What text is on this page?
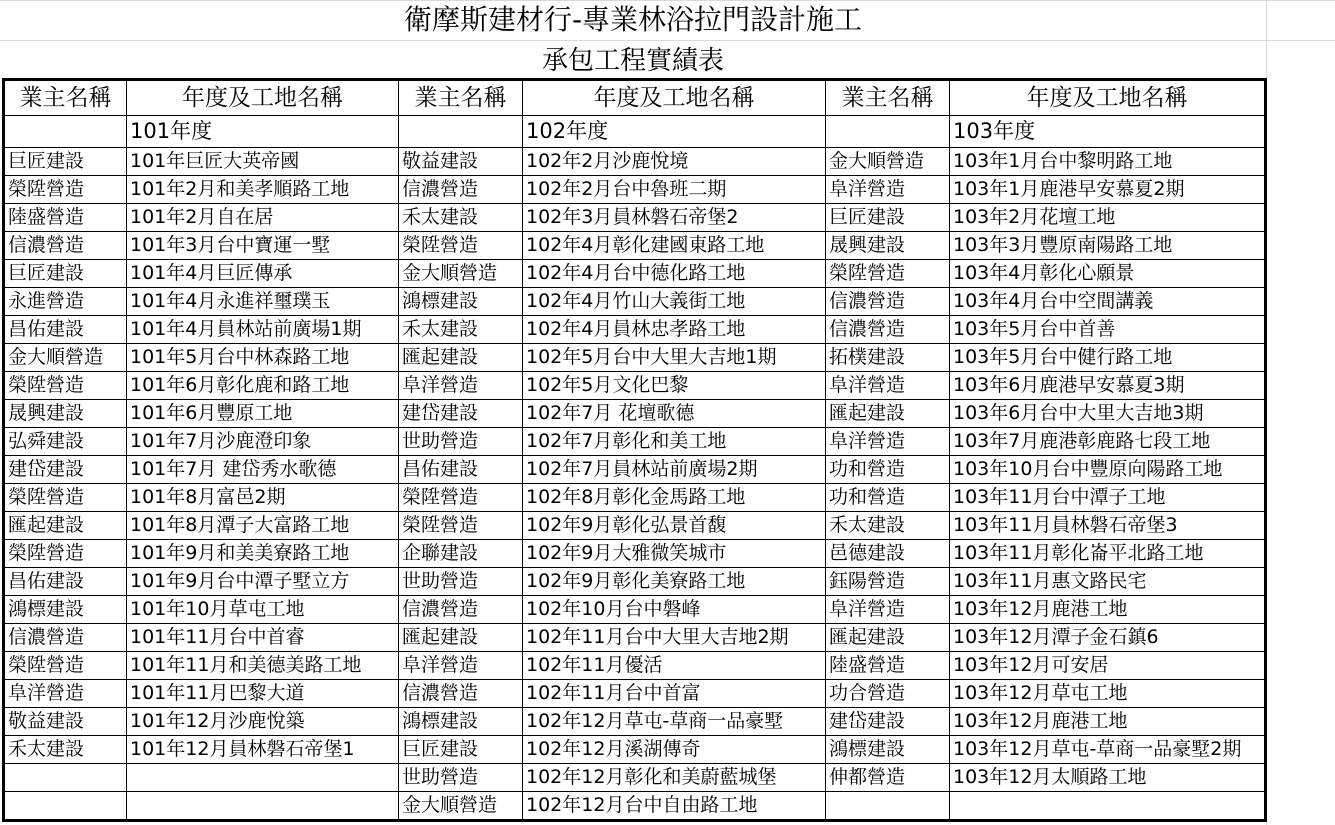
衛摩斯建材行-專業林浴拉門設計施工
承包工程實績表
業主名稱	年度及工地名稱	業主名稱	年度及工地名稱	業主名稱	年度及工地名稱
	101年度		102年度		103年度
巨匠建設	101年巨匠大英帝國	敬益建設	102年2月沙鹿悅境	金大順營造	103年1月台中黎明路工地
榮陞營造	101年2月和美孝順路工地	信濃營造	102年2月台中魯班二期	阜洋營造	103年1月鹿港早安慕夏2期
陸盛營造	101年2月自在居	禾太建設	102年3月員林磐石帝堡2	巨匠建設	103年2月花壇工地
信濃營造	101年3月台中寶運一墅	榮陞營造	102年4月彰化建國東路工地	晟興建設	103年3月豐原南陽路工地
巨匠建設	101年4月巨匠傳承	金大順營造	102年4月台中德化路工地	榮陞營造	103年4月彰化心願景
永進營造	101年4月永進祥璽璞玉	鴻標建設	102年4月竹山大義街工地	信濃營造	103年4月台中空間講義
昌佑建設	101年4月員林站前廣場1期	禾太建設	102年4月員林忠孝路工地	信濃營造	103年5月台中首善
金大順營造	101年5月台中林森路工地	匯起建設	102年5月台中大里大吉地1期	拓樸建設	103年5月台中健行路工地
榮陞營造	101年6月彰化鹿和路工地	阜洋營造	102年5月文化巴黎	阜洋營造	103年6月鹿港早安慕夏3期
晟興建設	101年6月豐原工地	建岱建設	102年7月 花壇歌德	匯起建設	103年6月台中大里大吉地3期
弘舜建設	101年7月沙鹿澄印象	世助營造	102年7月彰化和美工地	阜洋營造	103年7月鹿港彰鹿路七段工地
建岱建設	101年7月 建岱秀水歌德	昌佑建設	102年7月員林站前廣場2期	功和營造	103年10月台中豐原向陽路工地
榮陞營造	101年8月富邑2期	榮陞營造	102年8月彰化金馬路工地	功和營造	103年11月台中潭子工地
匯起建設	101年8月潭子大富路工地	榮陞營造	102年9月彰化弘景首馥	禾太建設	103年11月員林磐石帝堡3
榮陞營造	101年9月和美美寮路工地	企聯建設	102年9月大雅微笑城市	邑德建設	103年11月彰化崙平北路工地
昌佑建設	101年9月台中潭子墅立方	世助營造	102年9月彰化美寮路工地	鈺陽營造	103年11月惠文路民宅
鴻標建設	101年10月草屯工地	信濃營造	102年10月台中磐峰	阜洋營造	103年12月鹿港工地
信濃營造	101年11月台中首睿	匯起建設	102年11月台中大里大吉地2期	匯起建設	103年12月潭子金石鎮6
榮陞營造	101年11月和美德美路工地	阜洋營造	102年11月優活	陸盛營造	103年12月可安居
阜洋營造	101年11月巴黎大道	信濃營造	102年11月台中首富	功合營造	103年12月草屯工地
敬益建設	101年12月沙鹿悅築	鴻標建設	102年12月草屯-草商一品豪墅	建岱建設	103年12月鹿港工地
禾太建設	101年12月員林磐石帝堡1	巨匠建設	102年12月溪湖傳奇	鴻標建設	103年12月草屯-草商一品豪墅2期
		世助營造	102年12月彰化和美蔚藍城堡	伸都營造	103年12月太順路工地
		金大順營造	102年12月台中自由路工地		
